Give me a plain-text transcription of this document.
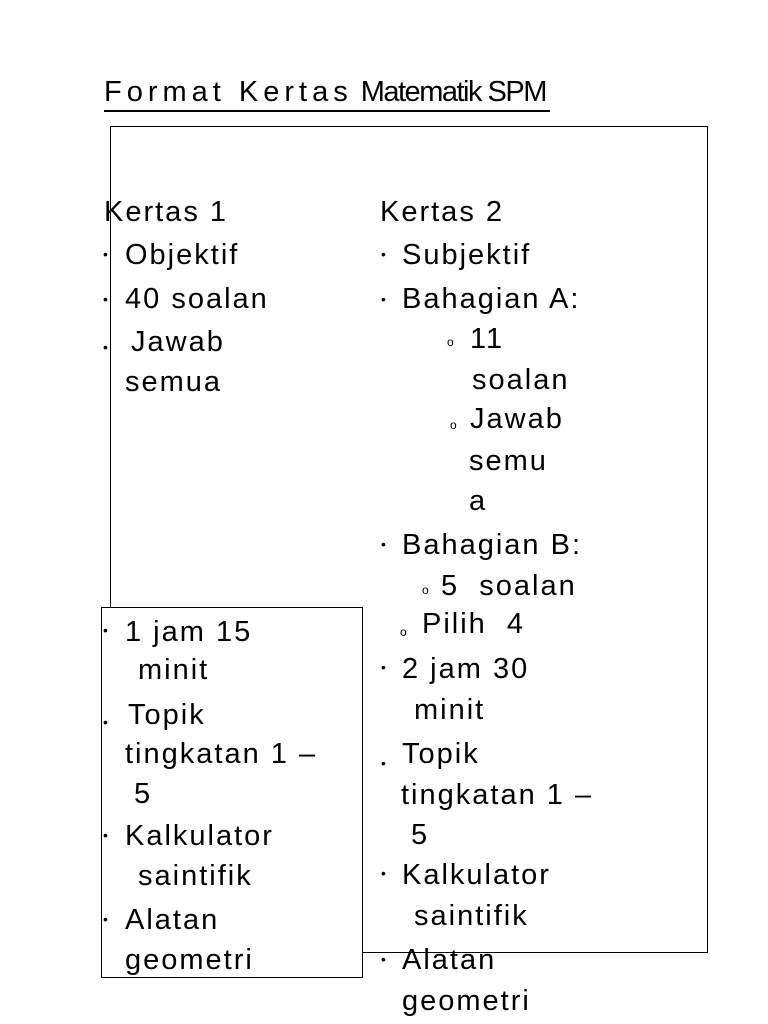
Format Kertas Matematik SPM
Kertas 1
• Objektif
• 40 soalan
• Jawab
semua
Kertas 2
• Subjektif
• Bahagian A:
o 11
soalan
o Jawab
semu
a
• Bahagian B:
o 5  soalan
o Pilih  4
• 2 jam 30
minit
• Topik
tingkatan 1 –
5
• Kalkulator
saintifik
• Alatan
geometri
• 1 jam 15
minit
• Topik
tingkatan 1 –
5
• Kalkulator
saintifik
• Alatan
geometri
